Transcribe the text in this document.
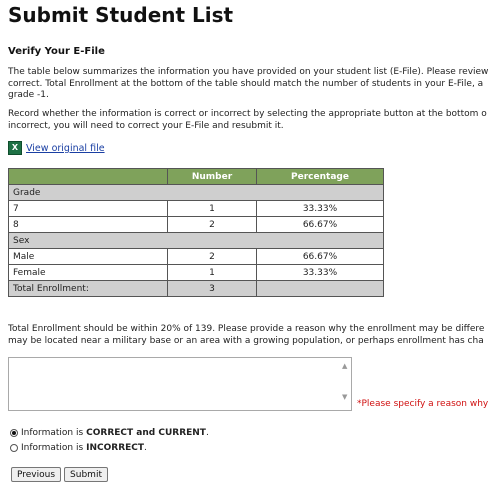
Submit Student List
Verify Your E-File
The table below summarizes the information you have provided on your student list (E-File). Please review
correct. Total Enrollment at the bottom of the table should match the number of students in your E-File, a
grade -1.
Record whether the information is correct or incorrect by selecting the appropriate button at the bottom o
incorrect, you will need to correct your E-File and resubmit it.
X View original file
	Number	Percentage
Grade		
7	1	33.33%
8	2	66.67%
Sex		
Male	2	66.67%
Female	1	33.33%
Total Enrollment:	3	
Total Enrollment should be within 20% of 139. Please provide a reason why the enrollment may be differe
may be located near a military base or an area with a growing population, or perhaps enrollment has cha
▲
▼
*Please specify a reason why
Information is CORRECT and CURRENT .
Information is INCORRECT .
Previous	Submit
